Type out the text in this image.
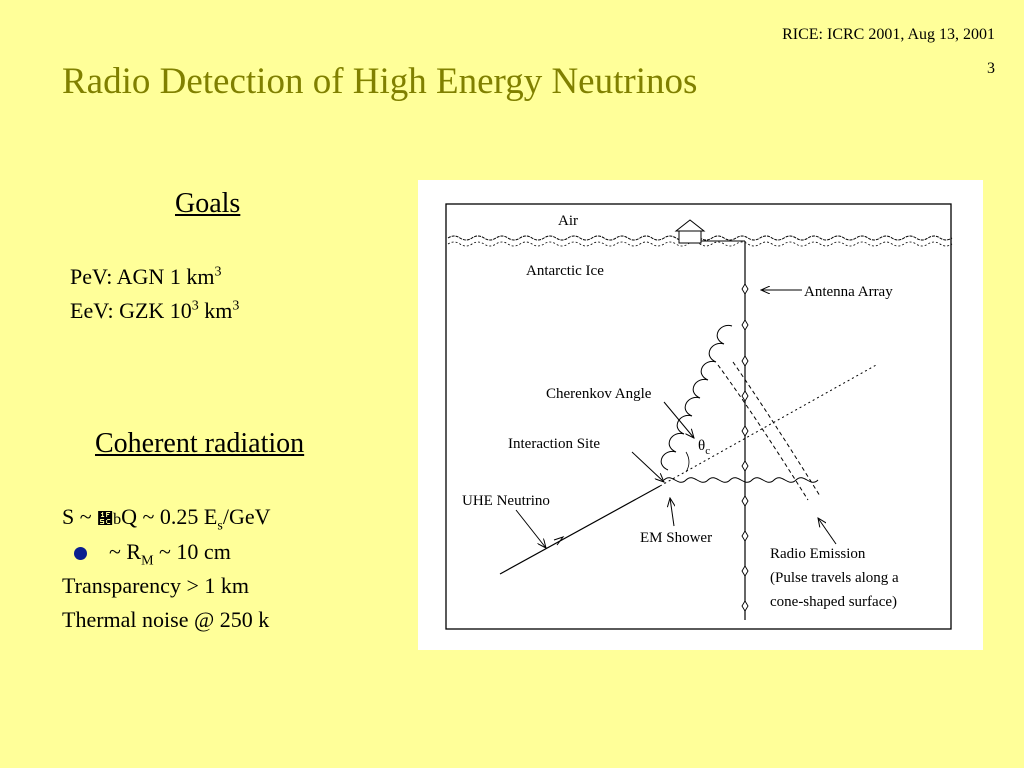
RICE: ICRC 2001, Aug 13, 2001
3
Radio Detection of High Energy Neutrinos
Goals
PeV: AGN 1 $km^3$
EeV: GZK $10^3$ $km^3$
Coherent radiation
S ~ ὜bQ ~ 0.25 $E_s$/GeV
~ $R_M$ ~ 10 cm
Transparency > 1 km
Thermal noise @ 250 k
Air
Antarctic Ice
Antenna Array
Cherenkov Angle
Interaction Site	$\theta_c$
UHE Neutrino
EM Shower
Radio Emission
(Pulse travels along a
cone-shaped surface)
